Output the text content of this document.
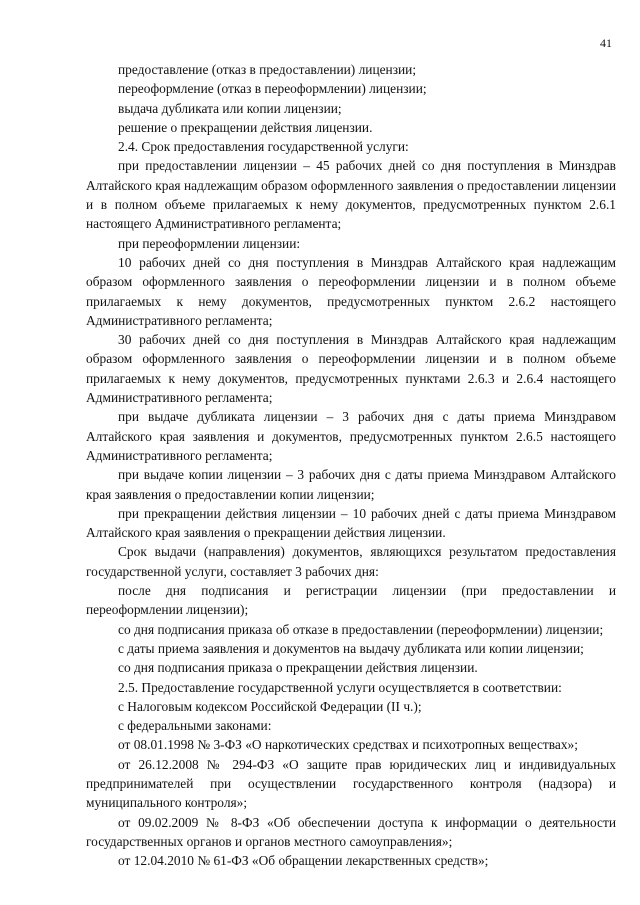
41

предоставление (отказ в предоставлении) лицензии;

переоформление (отказ в переоформлении) лицензии;

выдача дубликата или копии лицензии;

решение о прекращении действия лицензии.

2.4. Срок предоставления государственной услуги:

при предоставлении лицензии – 45 рабочих дней со дня поступления в Минздрав Алтайского края надлежащим образом оформленного заявления о предоставлении лицензии и в полном объеме прилагаемых к нему документов, предусмотренных пунктом 2.6.1 настоящего Административного регламента;

при переоформлении лицензии:

10 рабочих дней со дня поступления в Минздрав Алтайского края надлежащим образом оформленного заявления о переоформлении лицензии и в полном объеме прилагаемых к нему документов, предусмотренных пунктом 2.6.2 настоящего Административного регламента;

30 рабочих дней со дня поступления в Минздрав Алтайского края надлежащим образом оформленного заявления о переоформлении лицензии и в полном объеме прилагаемых к нему документов, предусмотренных пунктами 2.6.3 и 2.6.4 настоящего Административного регламента;

при выдаче дубликата лицензии – 3 рабочих дня с даты приема Минздравом Алтайского края заявления и документов, предусмотренных пунктом 2.6.5 настоящего Административного регламента;

при выдаче копии лицензии – 3 рабочих дня с даты приема Минздравом Алтайского края заявления о предоставлении копии лицензии;

при прекращении действия лицензии – 10 рабочих дней с даты приема Минздравом Алтайского края заявления о прекращении действия лицензии.

Срок выдачи (направления) документов, являющихся результатом предоставления государственной услуги, составляет 3 рабочих дня:

после дня подписания и регистрации лицензии (при предоставлении и переоформлении лицензии);

со дня подписания приказа об отказе в предоставлении (переоформлении) лицензии;

с даты приема заявления и документов на выдачу дубликата или копии лицензии;

со дня подписания приказа о прекращении действия лицензии.

2.5. Предоставление государственной услуги осуществляется в соответствии:

с Налоговым кодексом Российской Федерации (II ч.);

с федеральными законами:

от 08.01.1998 № 3-ФЗ «О наркотических средствах и психотропных веществах»;

от 26.12.2008 № 294-ФЗ «О защите прав юридических лиц и индивидуальных предпринимателей при осуществлении государственного контроля (надзора) и муниципального контроля»;

от 09.02.2009 № 8-ФЗ «Об обеспечении доступа к информации о деятельности государственных органов и органов местного самоуправления»;

от 12.04.2010 № 61-ФЗ «Об обращении лекарственных средств»;
